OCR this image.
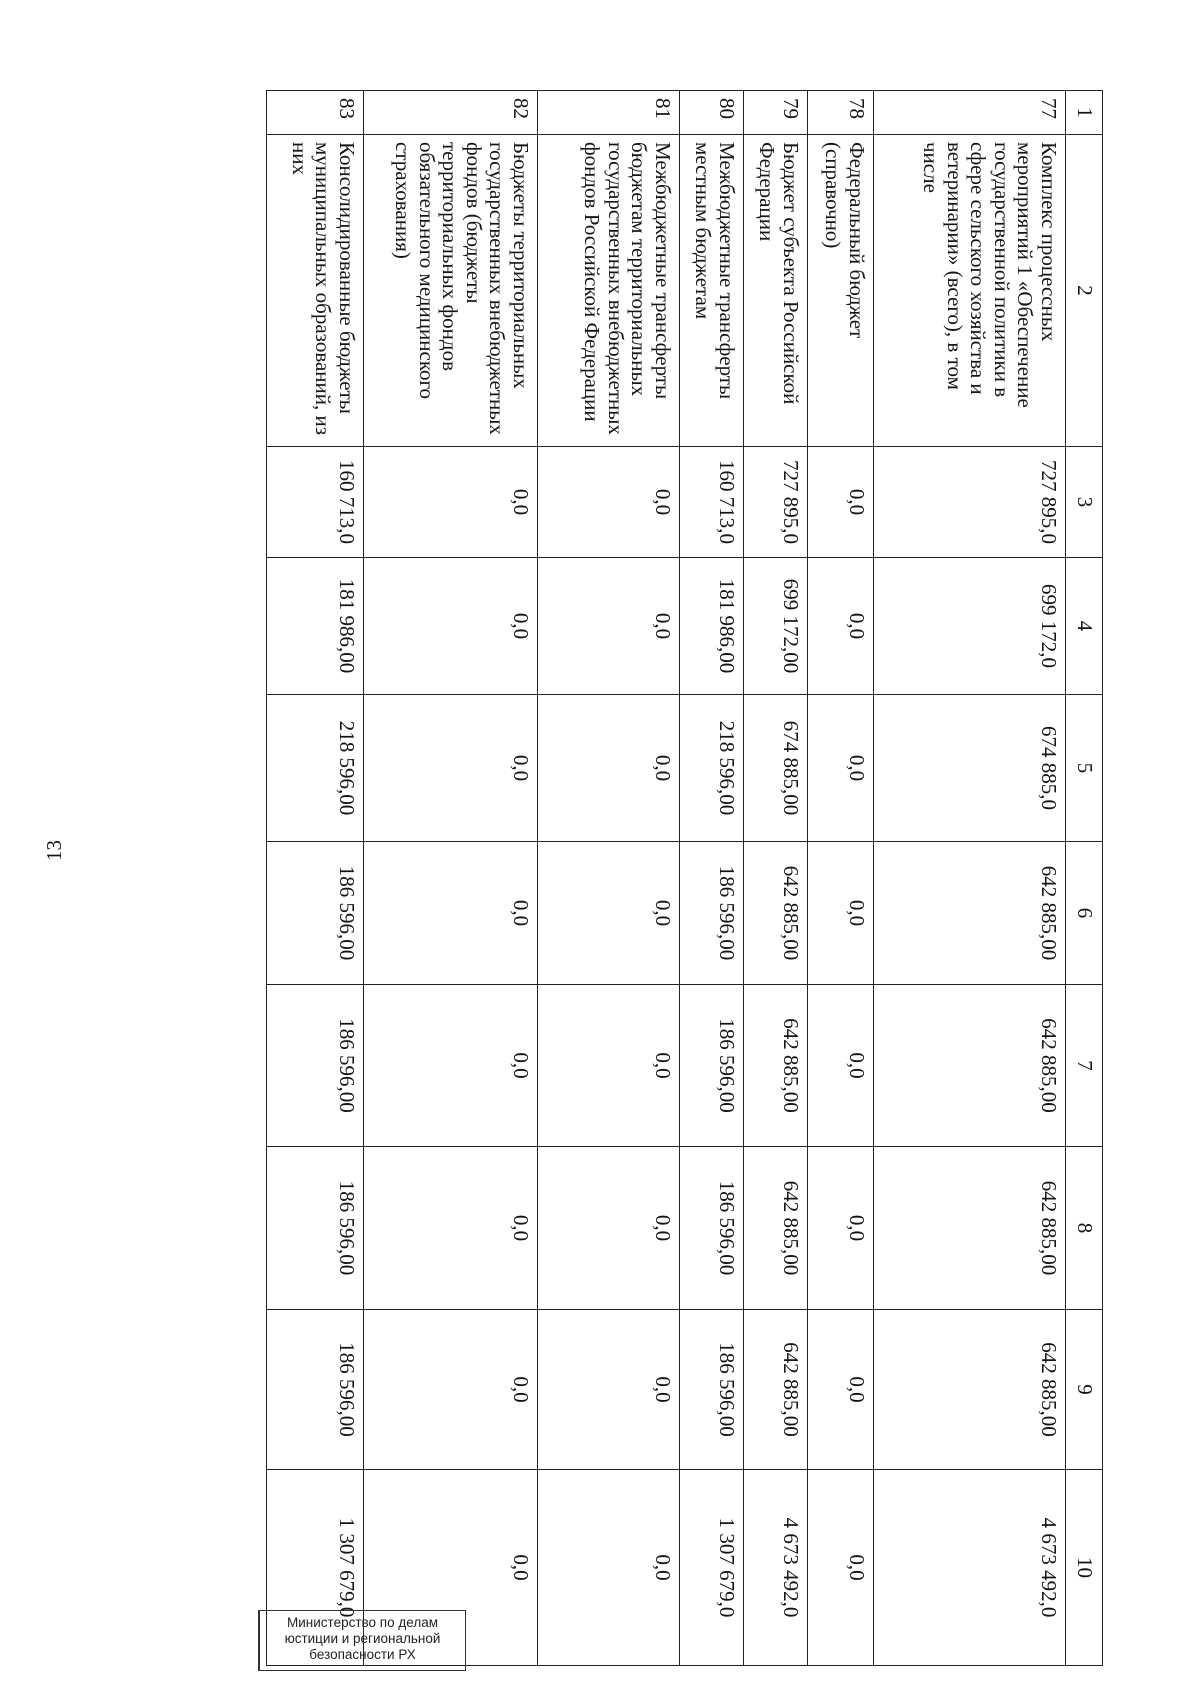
13
1	2	3	4	5	6	7	8	9	10
77	Комплекс процессных мероприятий 1 «Обеспечение государственной политики в сфере сельского хозяйства и ветеринарии» (всего), в том числе	727 895,0	699 172,0	674 885,0	642 885,00	642 885,00	642 885,00	642 885,00	4 673 492,0
78	Федеральный бюджет (справочно)	0,0	0,0	0,0	0,0	0,0	0,0	0,0	0,0
79	Бюджет субъекта Российской Федерации	727 895,0	699 172,00	674 885,00	642 885,00	642 885,00	642 885,00	642 885,00	4 673 492,0
80	Межбюджетные трансферты местным бюджетам	160 713,0	181 986,00	218 596,00	186 596,00	186 596,00	186 596,00	186 596,00	1 307 679,0
81	Межбюджетные трансферты бюджетам территориальных государственных внебюджетных фондов Российской Федерации	0,0	0,0	0,0	0,0	0,0	0,0	0,0	0,0
82	Бюджеты территориальных государственных внебюджетных фондов (бюджеты территориальных фондов обязательного медицинского страхования)	0,0	0,0	0,0	0,0	0,0	0,0	0,0	0,0
83	Консолидированные бюджеты муниципальных образований, из них	160 713,0	181 986,00	218 596,00	186 596,00	186 596,00	186 596,00	186 596,00	1 307 679,0
Министерство по делам
юстиции и региональной
безопасности РХ
